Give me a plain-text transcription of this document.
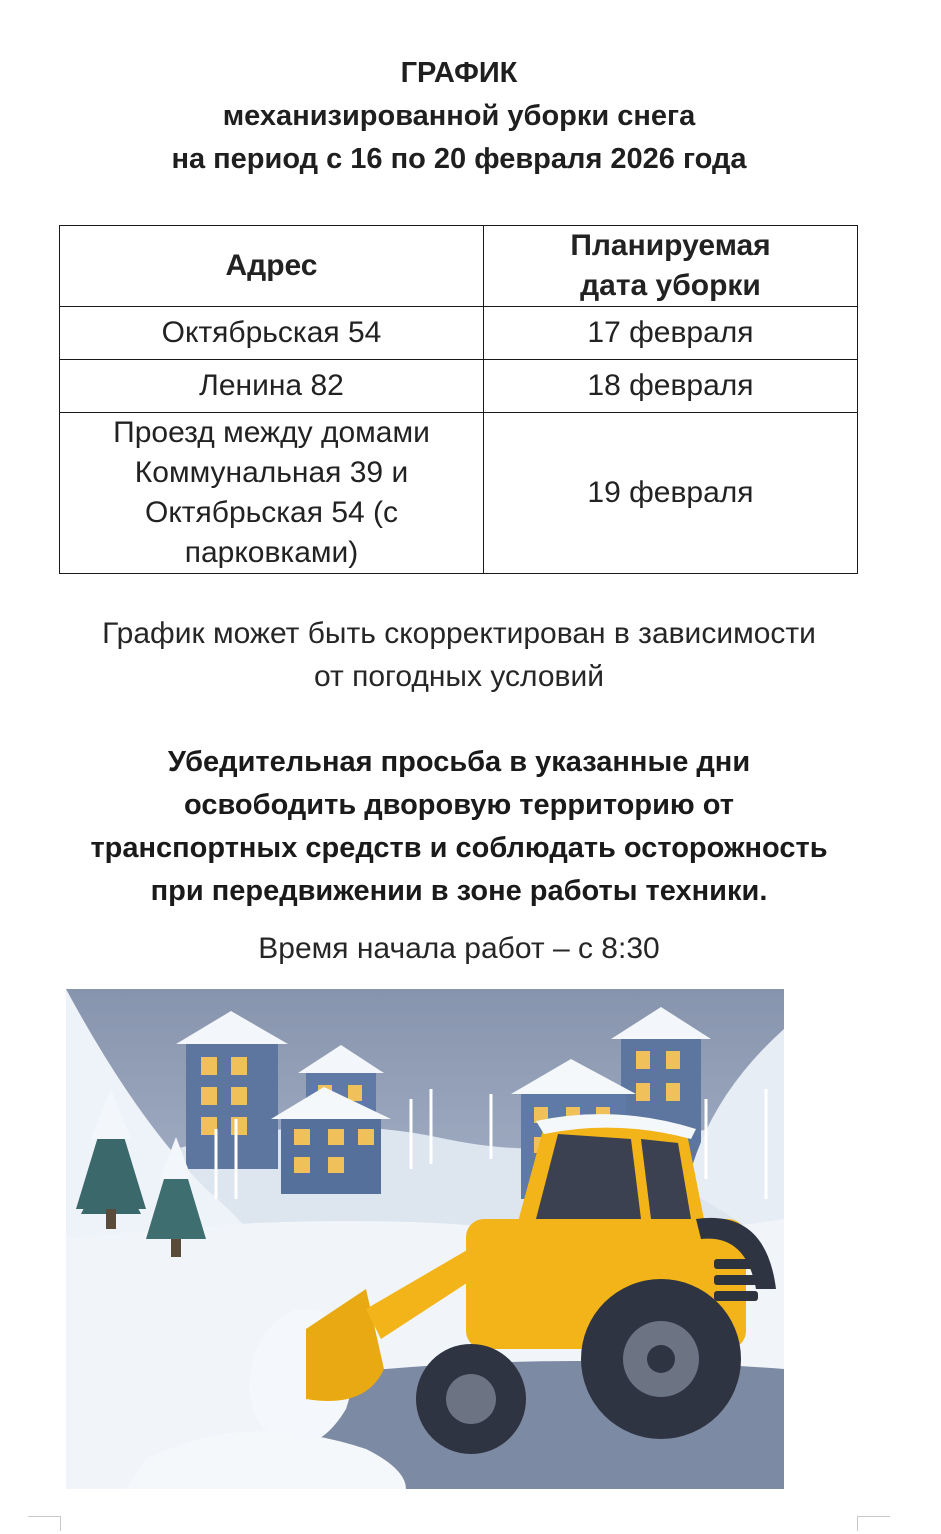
ГРАФИК
механизированной уборки снега
на период с 16 по 20 февраля 2026 года
Адрес	Планируемая
дата уборки

Октябрьская 54	17 февраля
Ленина 82	18 февраля

Проезд между домами
Коммунальная 39 и
Октябрьская 54 (с
парковками)	19 февраля
График может быть скорректирован в зависимости
от погодных условий
Убедительная просьба в указанные дни
освободить дворовую территорию от
транспортных средств и соблюдать осторожность
при передвижении в зоне работы техники.
Время начала работ – с 8:30
